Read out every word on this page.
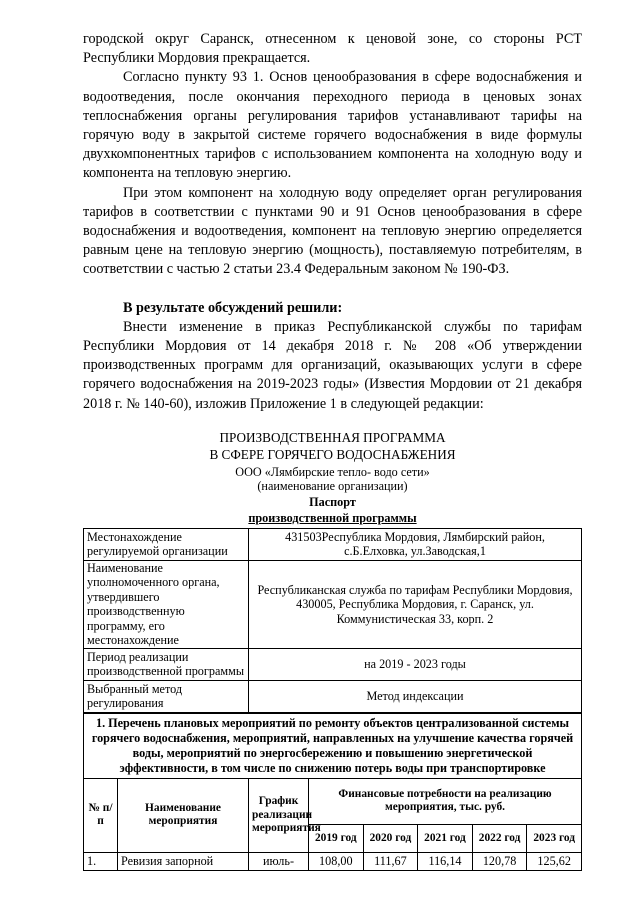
городской округ Саранск, отнесенном к ценовой зоне, со стороны РСТ Республики Мордовия прекращается.

Согласно пункту 93 1. Основ ценообразования в сфере водоснабжения и водоотведения, после окончания переходного периода в ценовых зонах теплоснабжения органы регулирования тарифов устанавливают тарифы на горячую воду в закрытой системе горячего водоснабжения в виде формулы двухкомпонентных тарифов с использованием компонента на холодную воду и компонента на тепловую энергию.

При этом компонент на холодную воду определяет орган регулирования тарифов в соответствии с пунктами 90 и 91 Основ ценообразования в сфере водоснабжения и водоотведения, компонент на тепловую энергию определяется равным цене на тепловую энергию (мощность), поставляемую потребителям, в соответствии с частью 2 статьи 23.4 Федеральным законом № 190-ФЗ.

В результате обсуждений решили:

Внести изменение в приказ Республиканской службы по тарифам Республики Мордовия от 14 декабря 2018 г. № 208 «Об утверждении производственных программ для организаций, оказывающих услуги в сфере горячего водоснабжения на 2019-2023 годы» (Известия Мордовии от 21 декабря 2018 г. № 140-60), изложив Приложение 1 в следующей редакции:

ПРОИЗВОДСТВЕННАЯ ПРОГРАММА

В СФЕРЕ ГОРЯЧЕГО ВОДОСНАБЖЕНИЯ

ООО «Лямбирские тепло- водо сети»

(наименование организации)

Паспорт

производственной программы

Местонахождение регулируемой организации	431503Республика Мордовия, Лямбирский район, с.Б.Елховка, ул.Заводская,1
Наименование уполномоченного органа, утвердившего производственную программу, его местонахождение	Республиканская служба по тарифам Республики Мордовия, 430005, Республика Мордовия, г. Саранск, ул. Коммунистическая 33, корп. 2
Период реализации производственной программы	на 2019 - 2023 годы
Выбранный метод регулирования	Метод индексации
1. Перечень плановых мероприятий по ремонту объектов централизованной системы горячего водоснабжения, мероприятий, направленных на улучшение качества горячей воды, мероприятий по энергосбережению и повышению энергетической эффективности, в том числе по снижению потерь воды при транспортировке							
№ п/п	Наименование мероприятия	График реализации мероприятия	Финансовые потребности на реализацию мероприятия, тыс. руб.				
			2019 год	2020 год	2021 год	2022 год	2023 год
1.	Ревизия запорной	июль-	108,00	111,67	116,14	120,78	125,62
